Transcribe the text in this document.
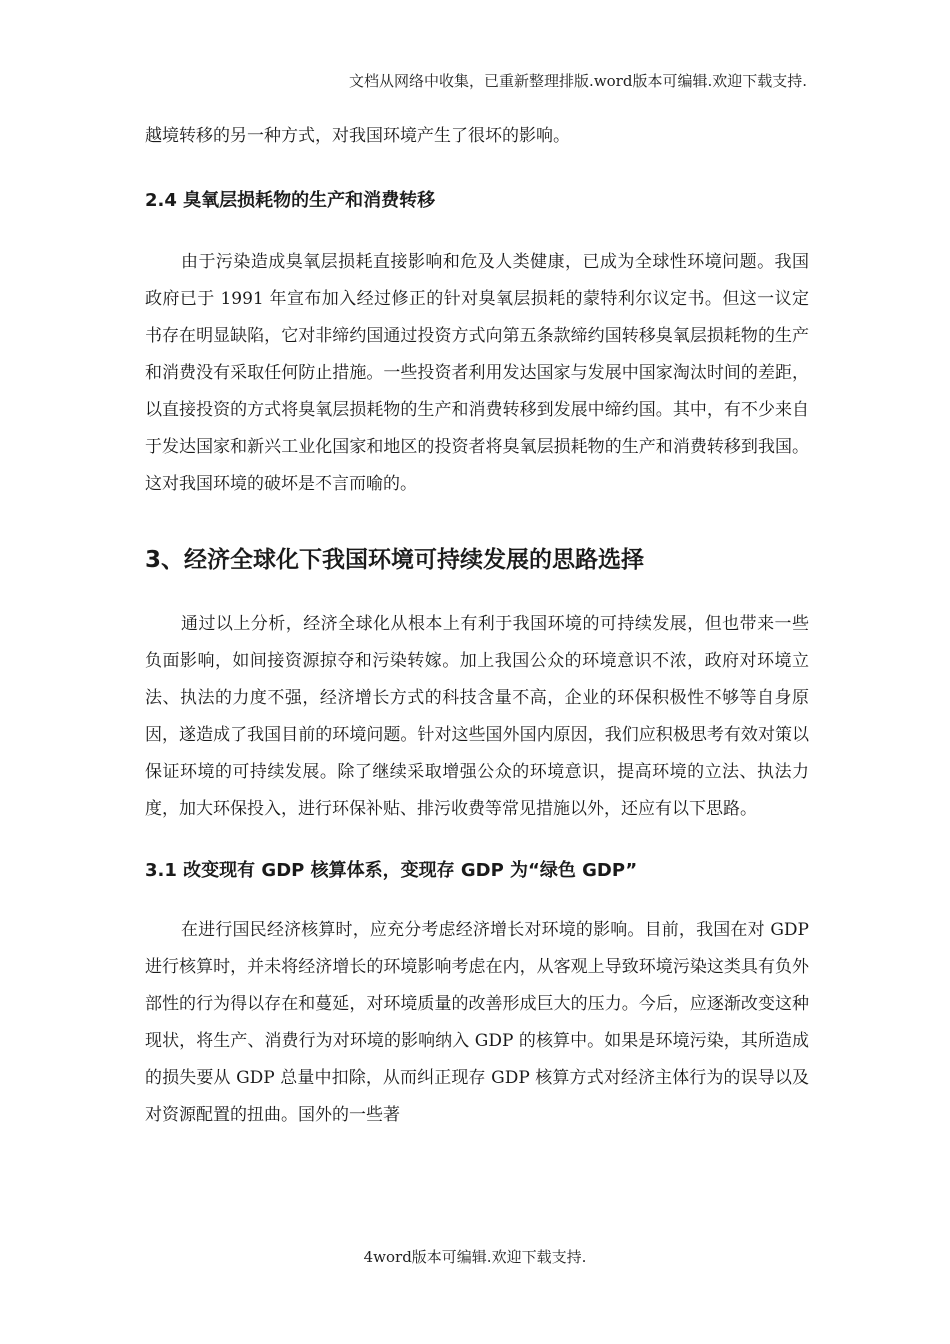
文档从网络中收集，已重新整理排版.word版本可编辑.欢迎下载支持.

越境转移的另一种方式，对我国环境产生了很坏的影响。

2.4 臭氧层损耗物的生产和消费转移

由于污染造成臭氧层损耗直接影响和危及人类健康，已成为全球性环境问题。我国政府已于 1991 年宣布加入经过修正的针对臭氧层损耗的蒙特利尔议定书。但这一议定书存在明显缺陷，它对非缔约国通过投资方式向第五条款缔约国转移臭氧层损耗物的生产和消费没有采取任何防止措施。一些投资者利用发达国家与发展中国家淘汰时间的差距，以直接投资的方式将臭氧层损耗物的生产和消费转移到发展中缔约国。其中，有不少来自于发达国家和新兴工业化国家和地区的投资者将臭氧层损耗物的生产和消费转移到我国。这对我国环境的破坏是不言而喻的。

3、经济全球化下我国环境可持续发展的思路选择

通过以上分析，经济全球化从根本上有利于我国环境的可持续发展，但也带来一些负面影响，如间接资源掠夺和污染转嫁。加上我国公众的环境意识不浓，政府对环境立法、执法的力度不强，经济增长方式的科技含量不高，企业的环保积极性不够等自身原因，遂造成了我国目前的环境问题。针对这些国外国内原因，我们应积极思考有效对策以保证环境的可持续发展。除了继续采取增强公众的环境意识，提高环境的立法、执法力度，加大环保投入，进行环保补贴、排污收费等常见措施以外，还应有以下思路。

3.1 改变现有 GDP 核算体系，变现存 GDP 为“绿色 GDP”

在进行国民经济核算时，应充分考虑经济增长对环境的影响。目前，我国在对 GDP 进行核算时，并未将经济增长的环境影响考虑在内，从客观上导致环境污染这类具有负外部性的行为得以存在和蔓延，对环境质量的改善形成巨大的压力。今后，应逐渐改变这种现状，将生产、消费行为对环境的影响纳入 GDP 的核算中。如果是环境污染，其所造成的损失要从 GDP 总量中扣除，从而纠正现存 GDP 核算方式对经济主体行为的误导以及对资源配置的扭曲。国外的一些著

4word版本可编辑.欢迎下载支持.
